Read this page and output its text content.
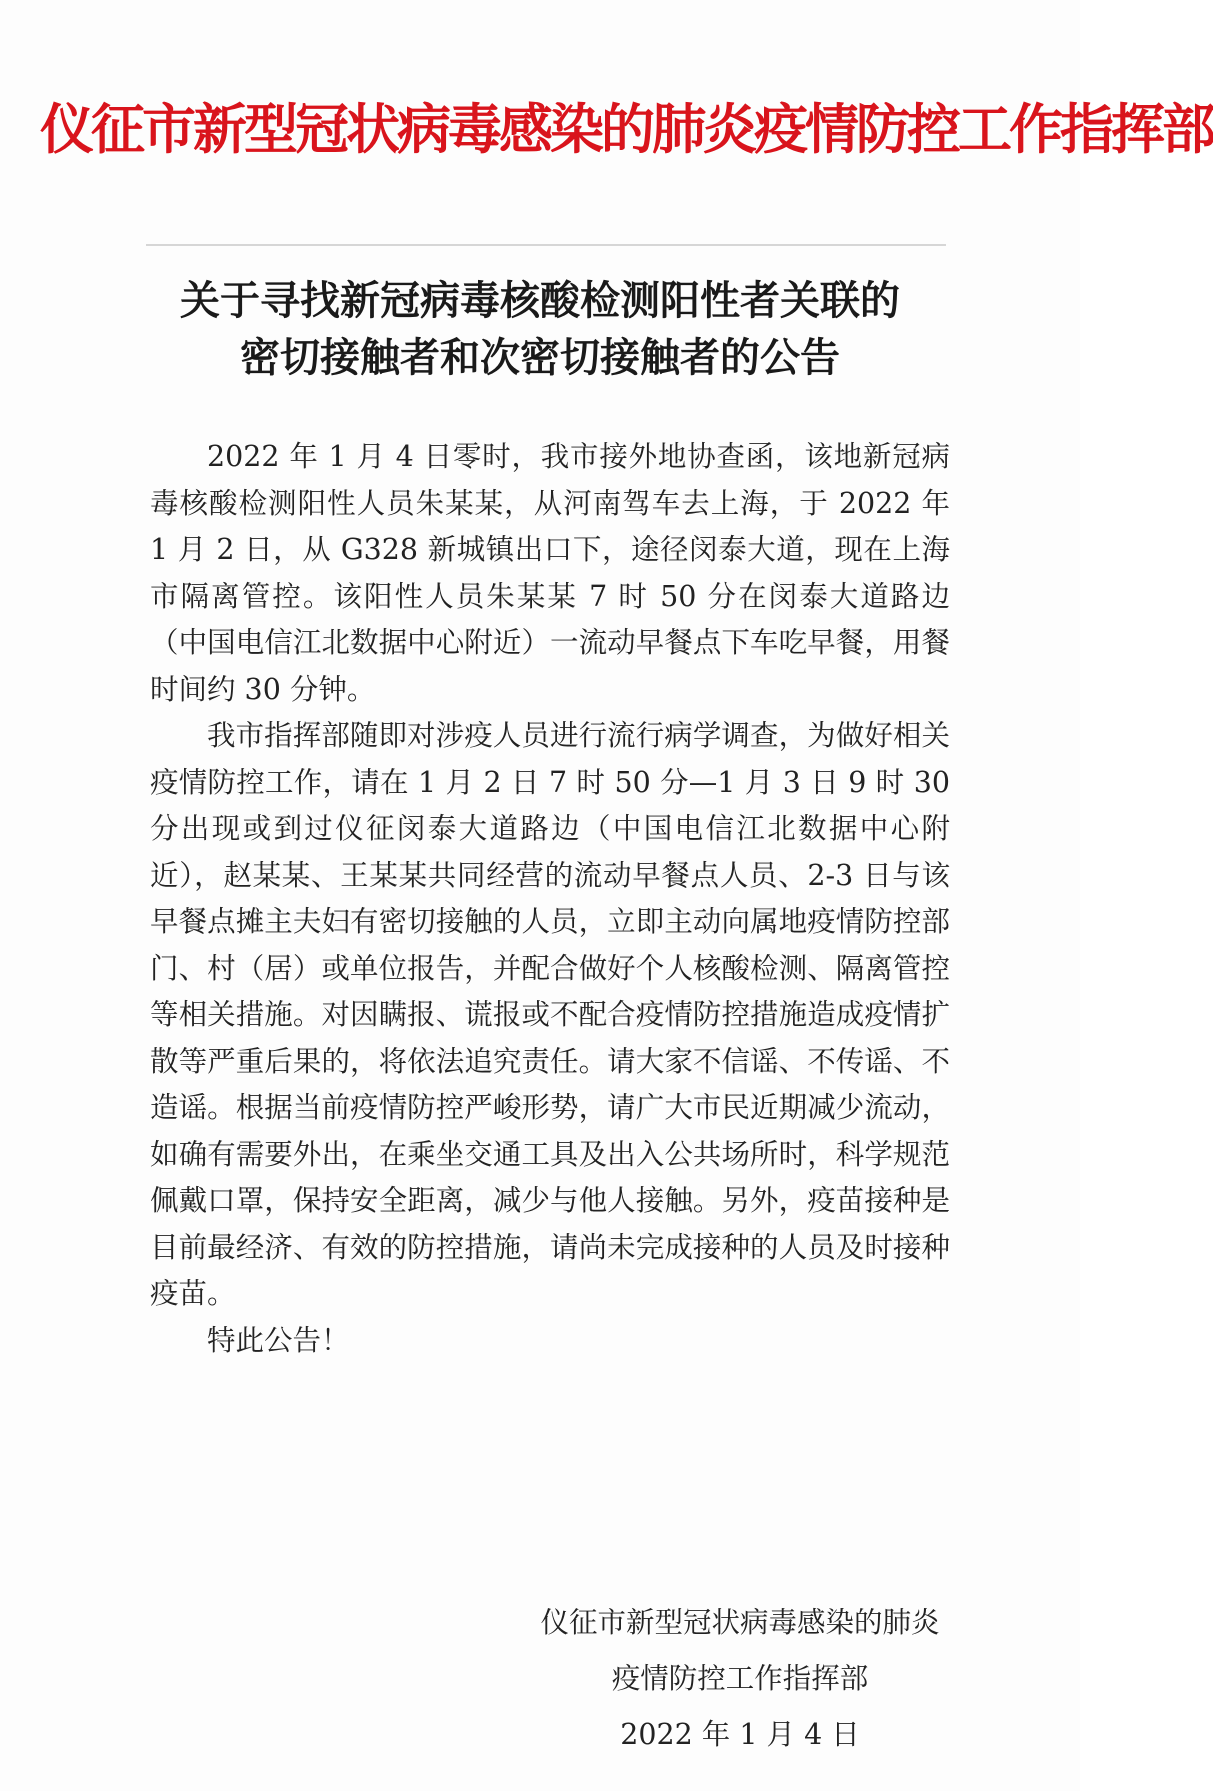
仪征市新型冠状病毒感染的肺炎疫情防控工作指挥部
关于寻找新冠病毒核酸检测阳性者关联的
密切接触者和次密切接触者的公告

2022 年 1 月 4 日零时，我市接外地协查函，该地新冠病毒核酸检测阳性人员朱某某，从河南驾车去上海，于 2022 年 1 月 2 日，从 G328 新城镇出口下，途径闵泰大道，现在上海市隔离管控。该阳性人员朱某某 7 时 50 分在闵泰大道路边（中国电信江北数据中心附近）一流动早餐点下车吃早餐，用餐时间约 30 分钟。

我市指挥部随即对涉疫人员进行流行病学调查，为做好相关疫情防控工作，请在 1 月 2 日 7 时 50 分—1 月 3 日 9 时 30 分出现或到过仪征闵泰大道路边（中国电信江北数据中心附近），赵某某、王某某共同经营的流动早餐点人员、2-3 日与该早餐点摊主夫妇有密切接触的人员，立即主动向属地疫情防控部门、村（居）或单位报告，并配合做好个人核酸检测、隔离管控等相关措施。对因瞒报、谎报或不配合疫情防控措施造成疫情扩散等严重后果的，将依法追究责任。请大家不信谣、不传谣、不造谣。根据当前疫情防控严峻形势，请广大市民近期减少流动，如确有需要外出，在乘坐交通工具及出入公共场所时，科学规范佩戴口罩，保持安全距离，减少与他人接触。另外，疫苗接种是目前最经济、有效的防控措施，请尚未完成接种的人员及时接种疫苗。

特此公告！

仪征市新型冠状病毒感染的肺炎
疫情防控工作指挥部
2022 年 1 月 4 日
